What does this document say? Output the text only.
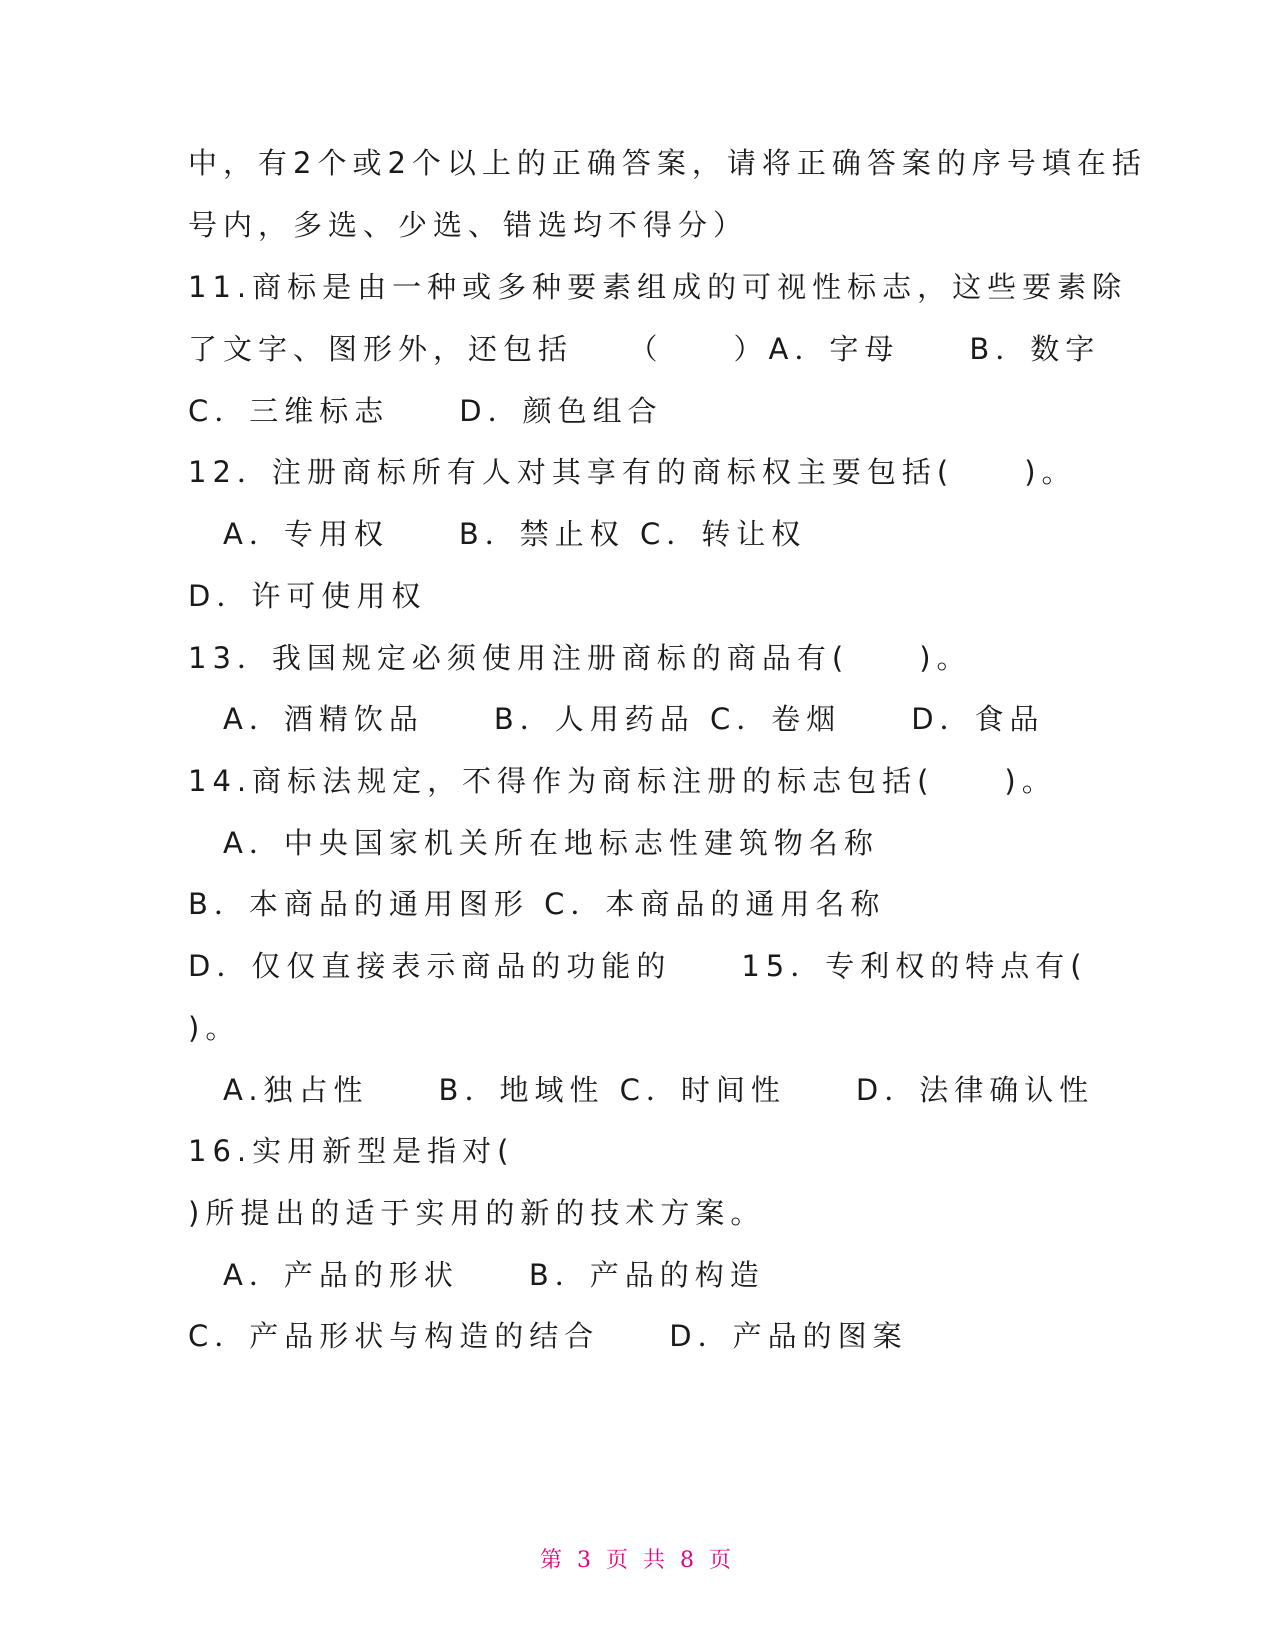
中，有2个或2个以上的正确答案，请将正确答案的序号填在括
号内，多选、少选、错选均不得分）
11.商标是由一种或多种要素组成的可视性标志，这些要素除
了文字、图形外，还包括　　（　　）A．字母　　B．数字
C．三维标志　　D．颜色组合
12．注册商标所有人对其享有的商标权主要包括(　　)。
　A．专用权　　B．禁止权 C．转让权
D．许可使用权
13．我国规定必须使用注册商标的商品有(　　)。
　A．酒精饮品　　B．人用药品 C．卷烟　　D．食品
14.商标法规定，不得作为商标注册的标志包括(　　)。
　A．中央国家机关所在地标志性建筑物名称
B．本商品的通用图形 C．本商品的通用名称
D．仅仅直接表示商品的功能的　　15．专利权的特点有(
)。
　A.独占性　　B．地域性 C．时间性　　D．法律确认性
16.实用新型是指对(
)所提出的适于实用的新的技术方案。
　A．产品的形状　　B．产品的构造
C．产品形状与构造的结合　　D．产品的图案
第 3 页 共 8 页
